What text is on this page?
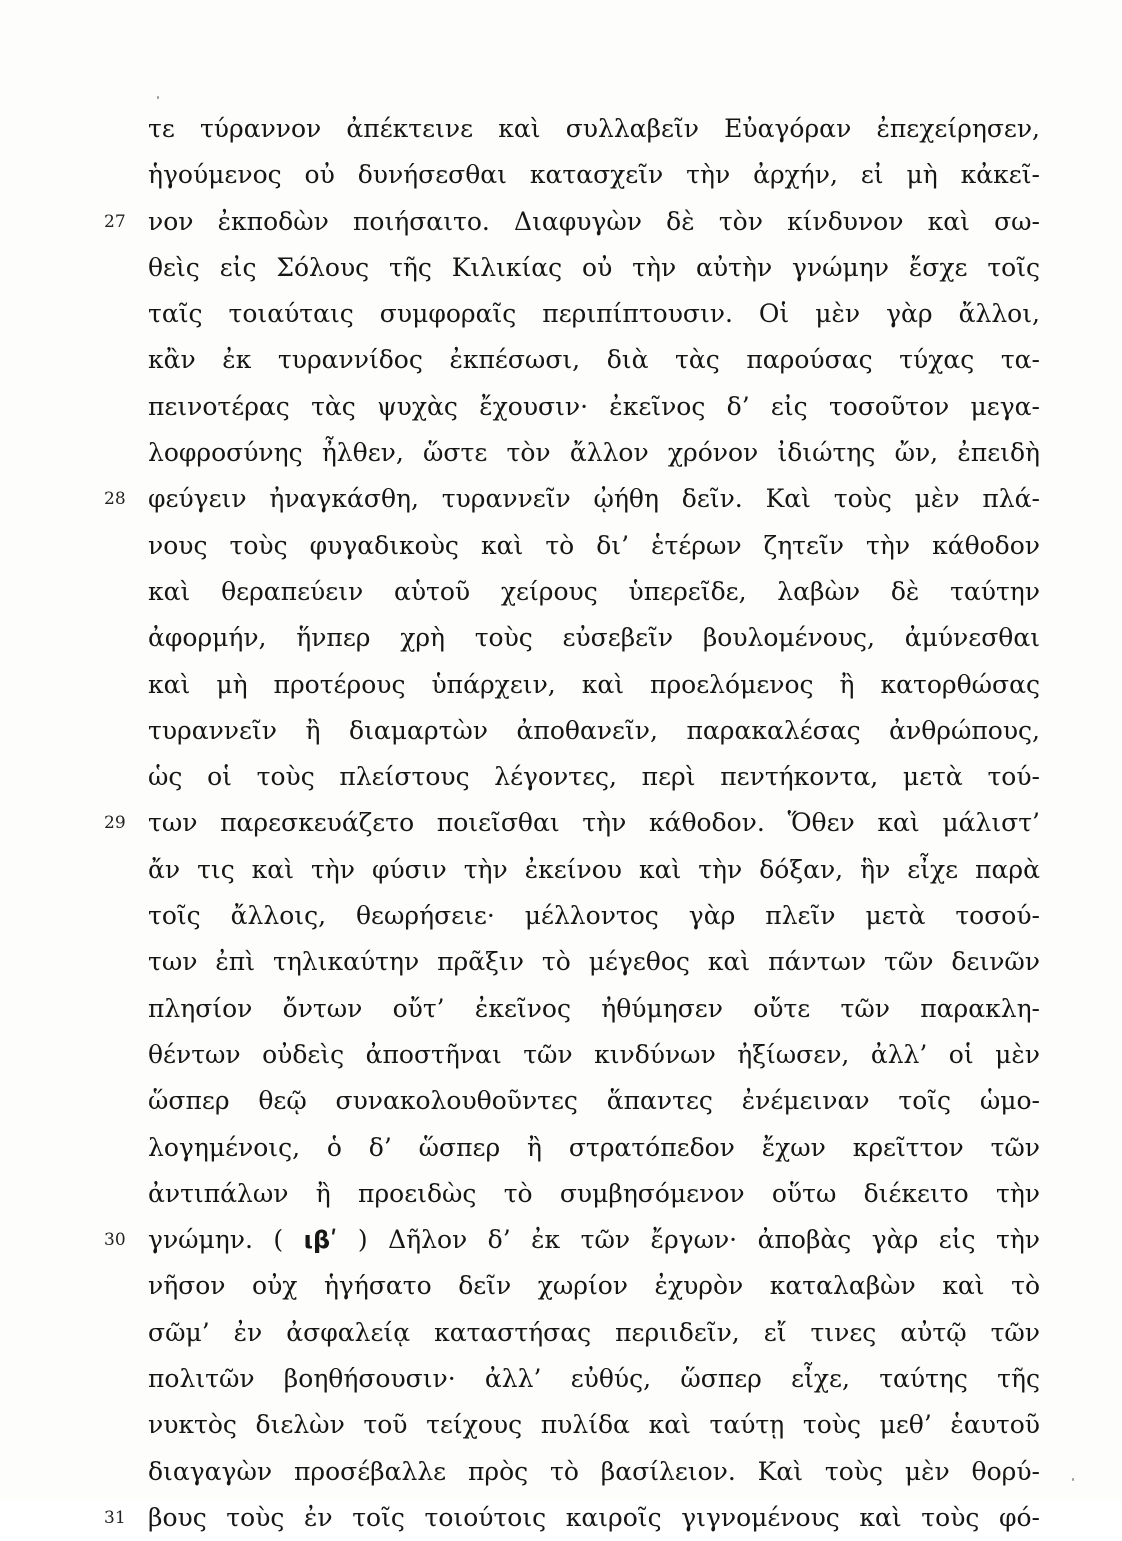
τε τύραννον ἀπέκτεινε καὶ συλλαβεῖν Εὐαγόραν ἐπεχείρησεν,
ἡγούμενος οὐ δυνήσεσθαι κατασχεῖν τὴν ἀρχήν, εἰ μὴ κἀκεῖ-
27 νον ἐκποδὼν ποιήσαιτο. Διαφυγὼν δὲ τὸν κίνδυνον καὶ σω-
θεὶς εἰς Σόλους τῆς Κιλικίας οὐ τὴν αὐτὴν γνώμην ἔσχε τοῖς
ταῖς τοιαύταις συμφοραῖς περιπίπτουσιν. Οἱ μὲν γὰρ ἄλλοι,
κἂν ἐκ τυραννίδος ἐκπέσωσι, διὰ τὰς παρούσας τύχας τα-
πεινοτέρας τὰς ψυχὰς ἔχουσιν· ἐκεῖνος δ’ εἰς τοσοῦτον μεγα-
λοφροσύνης ἦλθεν, ὥστε τὸν ἄλλον χρόνον ἰδιώτης ὤν, ἐπειδὴ
28 φεύγειν ἠναγκάσθη, τυραννεῖν ᾠήθη δεῖν. Καὶ τοὺς μὲν πλά-
νους τοὺς φυγαδικοὺς καὶ τὸ δι’ ἑτέρων ζητεῖν τὴν κάθοδον
καὶ θεραπεύειν αὑτοῦ χείρους ὑπερεῖδε, λαβὼν δὲ ταύτην
ἀφορμήν, ἥνπερ χρὴ τοὺς εὐσεβεῖν βουλομένους, ἀμύνεσθαι
καὶ μὴ προτέρους ὑπάρχειν, καὶ προελόμενος ἢ κατορθώσας
τυραννεῖν ἢ διαμαρτὼν ἀποθανεῖν, παρακαλέσας ἀνθρώπους,
ὡς οἱ τοὺς πλείστους λέγοντες, περὶ πεντήκοντα, μετὰ τού-
29 των παρεσκευάζετο ποιεῖσθαι τὴν κάθοδον. Ὅθεν καὶ μάλιστ’
ἄν τις καὶ τὴν φύσιν τὴν ἐκείνου καὶ τὴν δόξαν, ἣν εἶχε παρὰ
τοῖς ἄλλοις, θεωρήσειε· μέλλοντος γὰρ πλεῖν μετὰ τοσού-
των ἐπὶ τηλικαύτην πρᾶξιν τὸ μέγεθος καὶ πάντων τῶν δεινῶν
πλησίον ὄντων οὔτ’ ἐκεῖνος ἠθύμησεν οὔτε τῶν παρακλη-
θέντων οὐδεὶς ἀποστῆναι τῶν κινδύνων ἠξίωσεν, ἀλλ’ οἱ μὲν
ὥσπερ θεῷ συνακολουθοῦντες ἅπαντες ἐνέμειναν τοῖς ὡμο-
λογημένοις, ὁ δ’ ὥσπερ ἢ στρατόπεδον ἔχων κρεῖττον τῶν
ἀντιπάλων ἢ προειδὼς τὸ συμβησόμενον οὕτω διέκειτο τὴν
30 γνώμην. ( ιβʹ ) Δῆλον δ’ ἐκ τῶν ἔργων· ἀποβὰς γὰρ εἰς τὴν
νῆσον οὐχ ἡγήσατο δεῖν χωρίον ἐχυρὸν καταλαβὼν καὶ τὸ
σῶμ’ ἐν ἀσφαλείᾳ καταστήσας περιιδεῖν, εἴ τινες αὐτῷ τῶν
πολιτῶν βοηθήσουσιν· ἀλλ’ εὐθύς, ὥσπερ εἶχε, ταύτης τῆς
νυκτὸς διελὼν τοῦ τείχους πυλίδα καὶ ταύτῃ τοὺς μεθ’ ἑαυτοῦ
διαγαγὼν προσέβαλλε πρὸς τὸ βασίλειον. Καὶ τοὺς μὲν θορύ-
31 βους τοὺς ἐν τοῖς τοιούτοις καιροῖς γιγνομένους καὶ τοὺς φό-
